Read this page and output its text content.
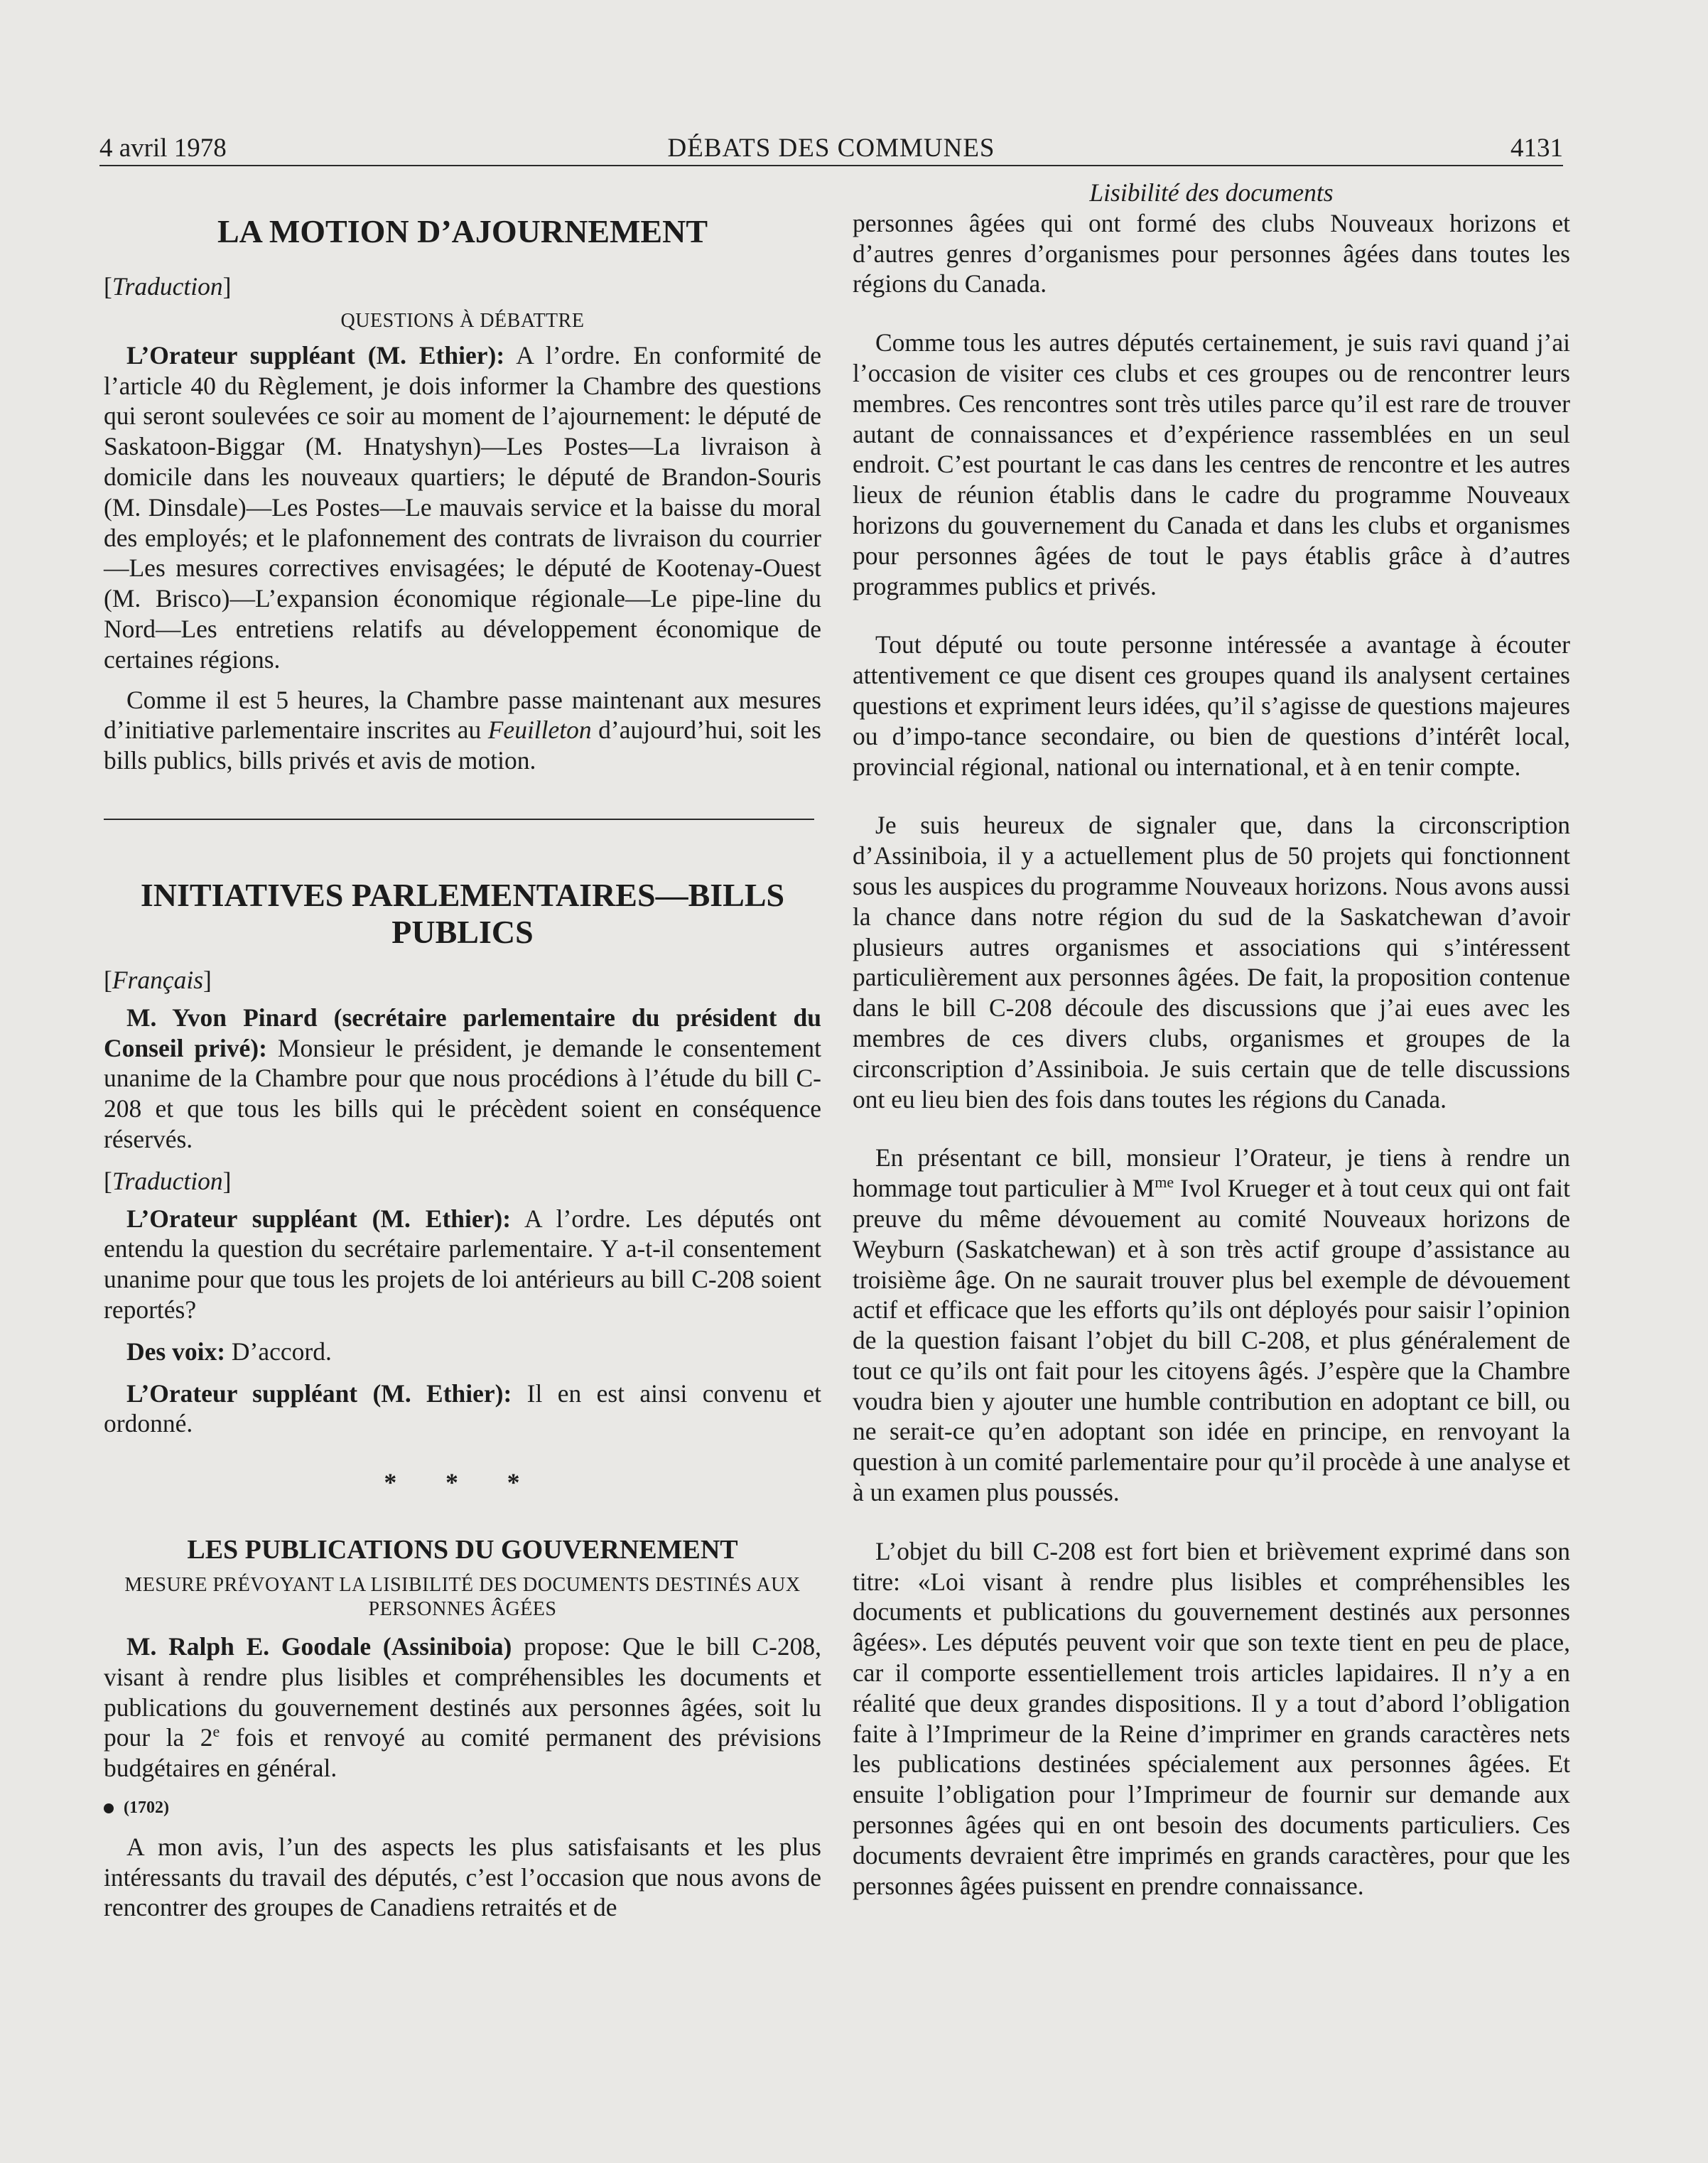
4 avril 1978	DÉBATS DES COMMUNES	4131
LA MOTION D’AJOURNEMENT

[Traduction]

QUESTIONS À DÉBATTRE

L’Orateur suppléant (M. Ethier): A l’ordre. En conformité de l’article 40 du Règlement, je dois informer la Chambre des questions qui seront soulevées ce soir au moment de l’ajournement: le député de Saskatoon-Biggar (M. Hnatyshyn)—Les Postes—La livraison à domicile dans les nouveaux quartiers; le député de Brandon-Souris (M. Dinsdale)—Les Postes—Le mauvais service et la baisse du moral des employés; et le plafonnement des contrats de livraison du courrier—Les mesures correctives envisagées; le député de Kootenay-Ouest (M. Brisco)—L’expansion économique régionale—Le pipe-line du Nord—Les entretiens relatifs au développement économique de certaines régions.

Comme il est 5 heures, la Chambre passe maintenant aux mesures d’initiative parlementaire inscrites au Feuilleton d’aujourd’hui, soit les bills publics, bills privés et avis de motion.

INITIATIVES PARLEMENTAIRES—BILLS PUBLICS

[Français]

M. Yvon Pinard (secrétaire parlementaire du président du Conseil privé): Monsieur le président, je demande le consentement unanime de la Chambre pour que nous procédions à l’étude du bill C-208 et que tous les bills qui le précèdent soient en conséquence réservés.

[Traduction]

L’Orateur suppléant (M. Ethier): A l’ordre. Les députés ont entendu la question du secrétaire parlementaire. Y a-t-il consentement unanime pour que tous les projets de loi antérieurs au bill C-208 soient reportés?

Des voix: D’accord.

L’Orateur suppléant (M. Ethier): Il en est ainsi convenu et ordonné.

* * *

LES PUBLICATIONS DU GOUVERNEMENT

MESURE PRÉVOYANT LA LISIBILITÉ DES DOCUMENTS DESTINÉS AUX PERSONNES ÂGÉES

M. Ralph E. Goodale (Assiniboia) propose: Que le bill C-208, visant à rendre plus lisibles et compréhensibles les documents et publications du gouvernement destinés aux personnes âgées, soit lu pour la 2e fois et renvoyé au comité permanent des prévisions budgétaires en général.

(1702)

A mon avis, l’un des aspects les plus satisfaisants et les plus intéressants du travail des députés, c’est l’occasion que nous avons de rencontrer des groupes de Canadiens retraités et de

Lisibilité des documents

personnes âgées qui ont formé des clubs Nouveaux horizons et d’autres genres d’organismes pour personnes âgées dans toutes les régions du Canada.

Comme tous les autres députés certainement, je suis ravi quand j’ai l’occasion de visiter ces clubs et ces groupes ou de rencontrer leurs membres. Ces rencontres sont très utiles parce qu’il est rare de trouver autant de connaissances et d’expérience rassemblées en un seul endroit. C’est pourtant le cas dans les centres de rencontre et les autres lieux de réunion établis dans le cadre du programme Nouveaux horizons du gouvernement du Canada et dans les clubs et organismes pour personnes âgées de tout le pays établis grâce à d’autres programmes publics et privés.

Tout député ou toute personne intéressée a avantage à écouter attentivement ce que disent ces groupes quand ils analysent certaines questions et expriment leurs idées, qu’il s’agisse de questions majeures ou d’impo-tance secondaire, ou bien de questions d’intérêt local, provincial régional, national ou international, et à en tenir compte.

Je suis heureux de signaler que, dans la circonscription d’Assiniboia, il y a actuellement plus de 50 projets qui fonctionnent sous les auspices du programme Nouveaux horizons. Nous avons aussi la chance dans notre région du sud de la Saskatchewan d’avoir plusieurs autres organismes et associations qui s’intéressent particulièrement aux personnes âgées. De fait, la proposition contenue dans le bill C-208 découle des discussions que j’ai eues avec les membres de ces divers clubs, organismes et groupes de la circonscription d’Assiniboia. Je suis certain que de telle discussions ont eu lieu bien des fois dans toutes les régions du Canada.

En présentant ce bill, monsieur l’Orateur, je tiens à rendre un hommage tout particulier à $M^{me}$ Ivol Krueger et à tout ceux qui ont fait preuve du même dévouement au comité Nouveaux horizons de Weyburn (Saskatchewan) et à son très actif groupe d’assistance au troisième âge. On ne saurait trouver plus bel exemple de dévouement actif et efficace que les efforts qu’ils ont déployés pour saisir l’opinion de la question faisant l’objet du bill C-208, et plus généralement de tout ce qu’ils ont fait pour les citoyens âgés. J’espère que la Chambre voudra bien y ajouter une humble contribution en adoptant ce bill, ou ne serait-ce qu’en adoptant son idée en principe, en renvoyant la question à un comité parlementaire pour qu’il procède à une analyse et à un examen plus poussés.

L’objet du bill C-208 est fort bien et brièvement exprimé dans son titre: «Loi visant à rendre plus lisibles et compréhensibles les documents et publications du gouvernement destinés aux personnes âgées». Les députés peuvent voir que son texte tient en peu de place, car il comporte essentiellement trois articles lapidaires. Il n’y a en réalité que deux grandes dispositions. Il y a tout d’abord l’obligation faite à l’Imprimeur de la Reine d’imprimer en grands caractères nets les publications destinées spécialement aux personnes âgées. Et ensuite l’obligation pour l’Imprimeur de fournir sur demande aux personnes âgées qui en ont besoin des documents particuliers. Ces documents devraient être imprimés en grands caractères, pour que les personnes âgées puissent en prendre connaissance.
